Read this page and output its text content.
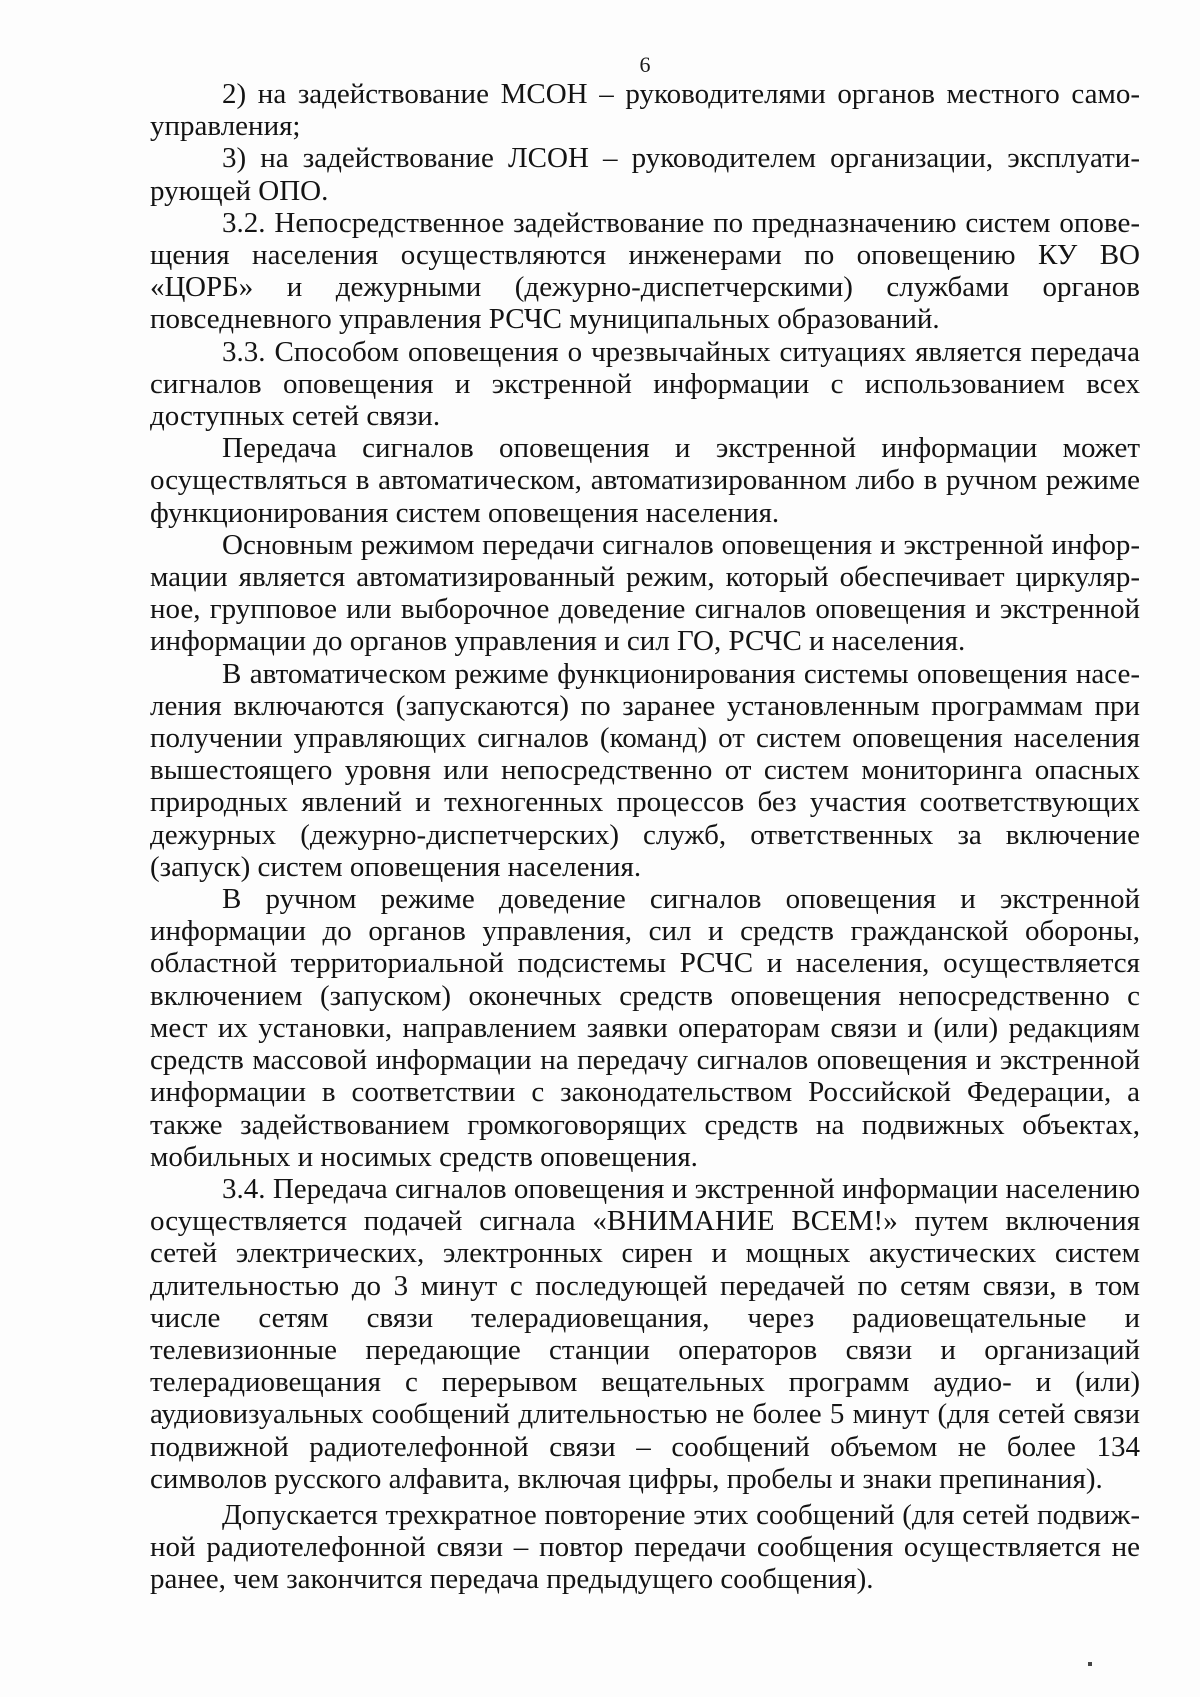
6

2) на задействование МСОН – руководителями органов местного самоуправления;

3) на задействование ЛСОН – руководителем организации, эксплуатирующей ОПО.

3.2. Непосредственное задействование по предназначению систем оповещения населения осуществляются инженерами по оповещению КУ ВО «ЦОРБ» и дежурными (дежурно-диспетчерскими) службами органов повседневного управления РСЧС муниципальных образований.

3.3. Способом оповещения о чрезвычайных ситуациях является передача сигналов оповещения и экстренной информации с использованием всех доступных сетей связи.

Передача сигналов оповещения и экстренной информации может осуществляться в автоматическом, автоматизированном либо в ручном режиме функционирования систем оповещения населения.

Основным режимом передачи сигналов оповещения и экстренной информации является автоматизированный режим, который обеспечивает циркулярное, групповое или выборочное доведение сигналов оповещения и экстренной информации до органов управления и сил ГО, РСЧС и населения.

В автоматическом режиме функционирования системы оповещения населения включаются (запускаются) по заранее установленным программам при получении управляющих сигналов (команд) от систем оповещения населения вышестоящего уровня или непосредственно от систем мониторинга опасных природных явлений и техногенных процессов без участия соответствующих дежурных (дежурно-диспетчерских) служб, ответственных за включение (запуск) систем оповещения населения.

В ручном режиме доведение сигналов оповещения и экстренной информации до органов управления, сил и средств гражданской обороны, областной территориальной подсистемы РСЧС и населения, осуществляется включением (запуском) оконечных средств оповещения непосредственно с мест их установки, направлением заявки операторам связи и (или) редакциям средств массовой информации на передачу сигналов оповещения и экстренной информации в соответствии с законодательством Российской Федерации, а также задействованием громкоговорящих средств на подвижных объектах, мобильных и носимых средств оповещения.

3.4. Передача сигналов оповещения и экстренной информации населению осуществляется подачей сигнала «ВНИМАНИЕ ВСЕМ!» путем включения сетей электрических, электронных сирен и мощных акустических систем длительностью до 3 минут с последующей передачей по сетям связи, в том числе сетям связи телерадиовещания, через радиовещательные и телевизионные передающие станции операторов связи и организаций телерадиовещания с перерывом вещательных программ аудио- и (или) аудиовизуальных сообщений длительностью не более 5 минут (для сетей связи подвижной радиотелефонной связи – сообщений объемом не более 134 символов русского алфавита, включая цифры, пробелы и знаки препинания).

Допускается трехкратное повторение этих сообщений (для сетей подвижной радиотелефонной связи – повтор передачи сообщения осуществляется не ранее, чем закончится передача предыдущего сообщения).
